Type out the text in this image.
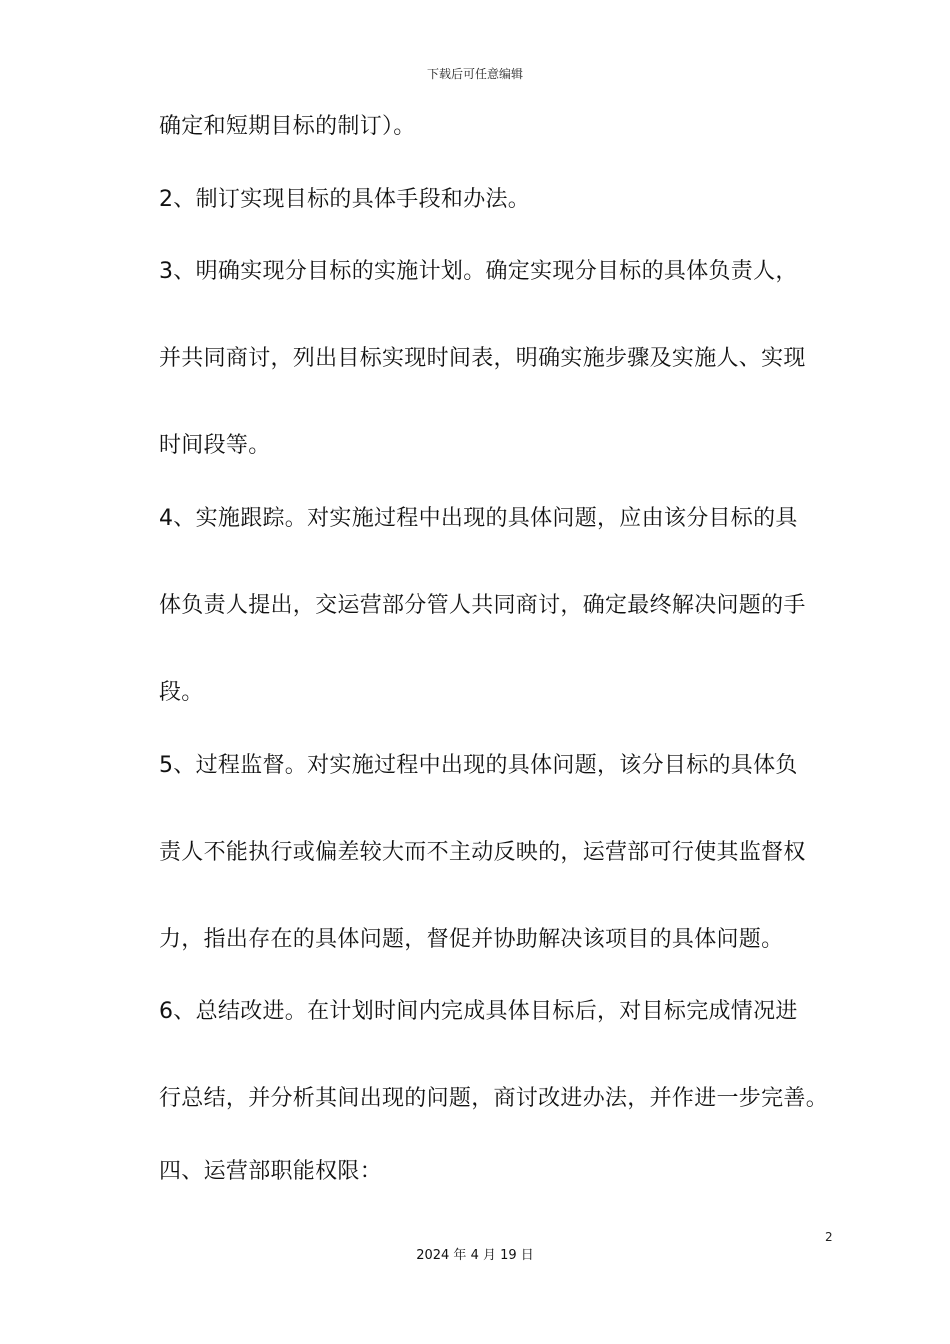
下载后可任意编辑
确定和短期目标的制订）。
2、制订实现目标的具体手段和办法。
3、明确实现分目标的实施计划。确定实现分目标的具体负责人，
并共同商讨，列出目标实现时间表，明确实施步骤及实施人、实现
时间段等。
4、实施跟踪。对实施过程中出现的具体问题，应由该分目标的具
体负责人提出，交运营部分管人共同商讨，确定最终解决问题的手
段。
5、过程监督。对实施过程中出现的具体问题，该分目标的具体负
责人不能执行或偏差较大而不主动反映的，运营部可行使其监督权
力，指出存在的具体问题，督促并协助解决该项目的具体问题。
6、总结改进。在计划时间内完成具体目标后，对目标完成情况进
行总结，并分析其间出现的问题，商讨改进办法，并作进一步完善。
四、运营部职能权限：
2
2024 年 4 月 19 日
